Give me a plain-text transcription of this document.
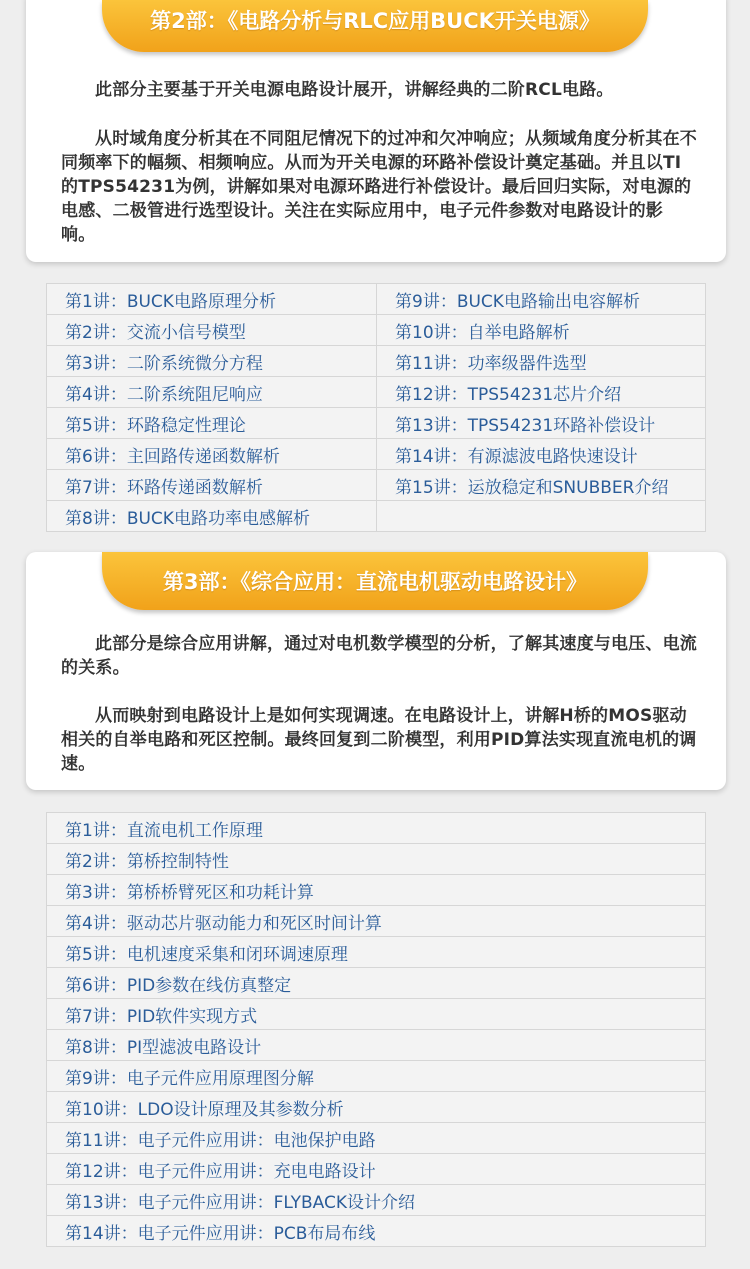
第2部：《电路分析与RLC应用BUCK开关电源》

此部分主要基于开关电源电路设计展开，讲解经典的二阶RCL电路。

从时域角度分析其在不同阻尼情况下的过冲和欠冲响应；从频域角度分析其在不同频率下的幅频、相频响应。从而为开关电源的环路补偿设计奠定基础。并且以TI的TPS54231为例，讲解如果对电源环路进行补偿设计。最后回归实际，对电源的电感、二极管进行选型设计。关注在实际应用中，电子元件参数对电路设计的影响。

第1讲：BUCK电路原理分析	第9讲：BUCK电路输出电容解析
第2讲：交流小信号模型	第10讲：自举电路解析
第3讲：二阶系统微分方程	第11讲：功率级器件选型
第4讲：二阶系统阻尼响应	第12讲：TPS54231芯片介绍
第5讲：环路稳定性理论	第13讲：TPS54231环路补偿设计
第6讲：主回路传递函数解析	第14讲：有源滤波电路快速设计
第7讲：环路传递函数解析	第15讲：运放稳定和SNUBBER介绍
第8讲：BUCK电路功率电感解析	
第3部：《综合应用：直流电机驱动电路设计》

此部分是综合应用讲解，通过对电机数学模型的分析，了解其速度与电压、电流的关系。

从而映射到电路设计上是如何实现调速。在电路设计上，讲解H桥的MOS驱动相关的自举电路和死区控制。最终回复到二阶模型，利用PID算法实现直流电机的调速。

第1讲：直流电机工作原理
第2讲：第桥控制特性
第3讲：第桥桥臂死区和功耗计算
第4讲：驱动芯片驱动能力和死区时间计算
第5讲：电机速度采集和闭环调速原理
第6讲：PID参数在线仿真整定
第7讲：PID软件实现方式
第8讲：PI型滤波电路设计
第9讲：电子元件应用原理图分解
第10讲：LDO设计原理及其参数分析
第11讲：电子元件应用讲：电池保护电路
第12讲：电子元件应用讲：充电电路设计
第13讲：电子元件应用讲：FLYBACK设计介绍
第14讲：电子元件应用讲：PCB布局布线
